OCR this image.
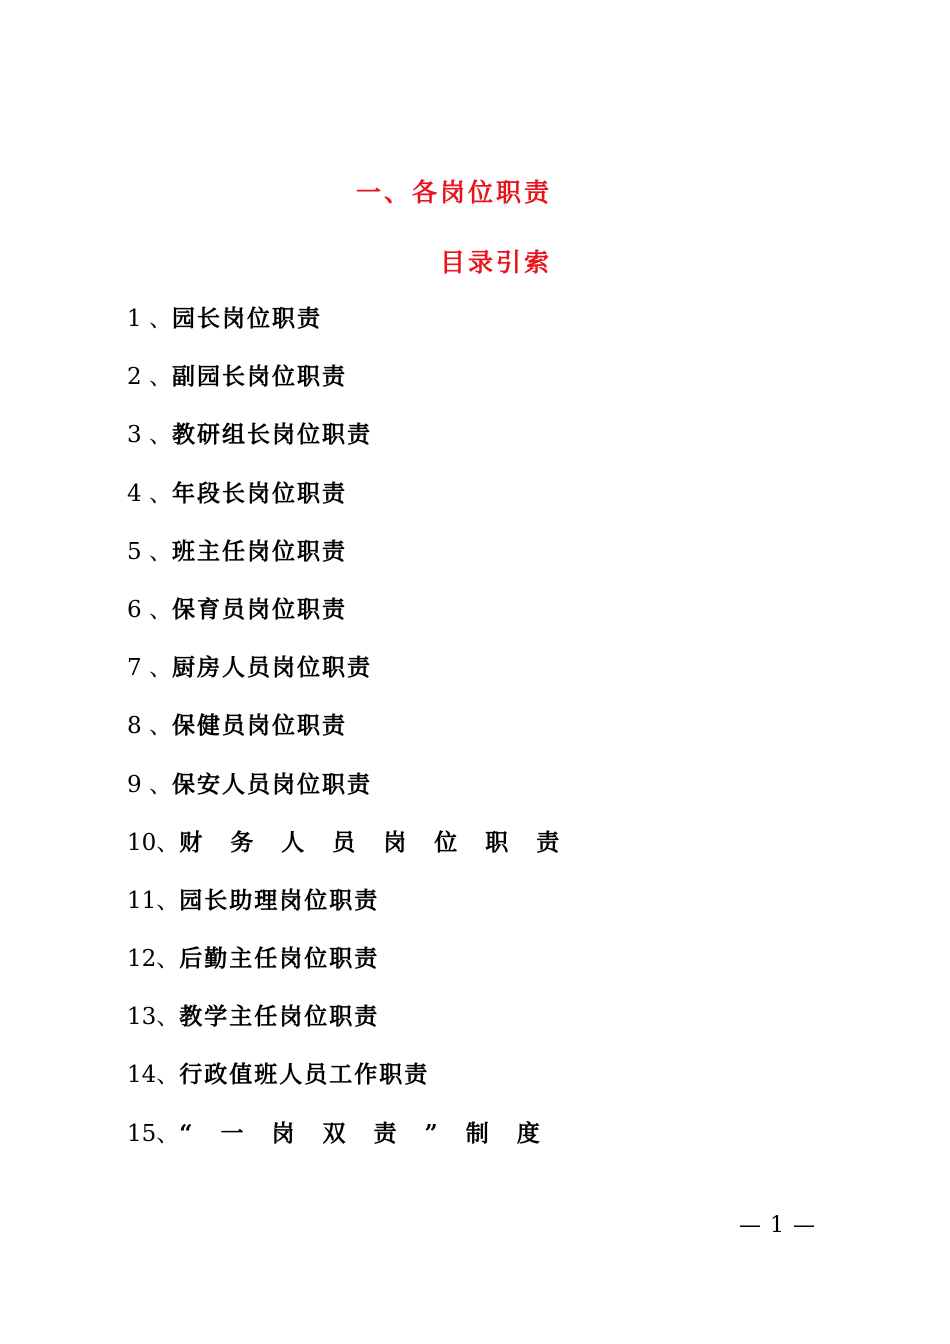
一、各岗位职责
目录引索
1 、园长岗位职责
2 、副园长岗位职责
3 、教研组长岗位职责
4 、年段长岗位职责
5 、班主任岗位职责
6 、保育员岗位职责
7 、厨房人员岗位职责
8 、保健员岗位职责
9 、保安人员岗位职责
10、财务人员岗位职责
11、园长助理岗位职责
12、后勤主任岗位职责
13、教学主任岗位职责
14、行政值班人员工作职责
15、“一岗双责”制度
— 1 —
